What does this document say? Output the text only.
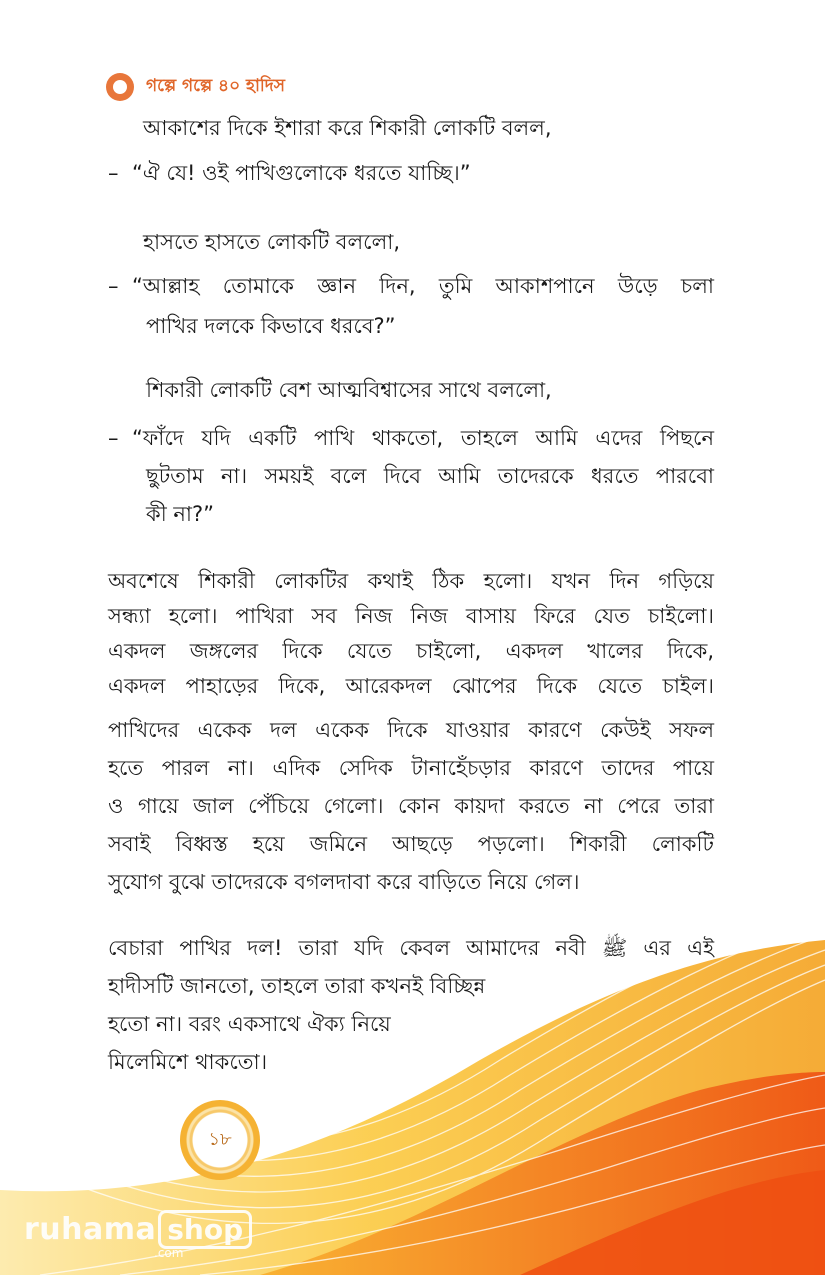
গল্পে গল্পে ৪০ হাদিস
আকাশের দিকে ইশারা করে শিকারী লোকটি বলল,
– “ঐ যে! ওই পাখিগুলোকে ধরতে যাচ্ছি।”
হাসতে হাসতে লোকটি বললো,
– “আল্লাহ তোমাকে জ্ঞান দিন, তুমি আকাশপানে উড়ে চলা
পাখির দলকে কিভাবে ধরবে?”
শিকারী লোকটি বেশ আত্মবিশ্বাসের সাথে বললো,
– “ফাঁদে যদি একটি পাখি থাকতো, তাহলে আমি এদের পিছনে
ছুটতাম না। সময়ই বলে দিবে আমি তাদেরকে ধরতে পারবো
কী না?”
অবশেষে শিকারী লোকটির কথাই ঠিক হলো। যখন দিন গড়িয়ে
সন্ধ্যা হলো। পাখিরা সব নিজ নিজ বাসায় ফিরে যেত চাইলো।
একদল জঙ্গলের দিকে যেতে চাইলো, একদল খালের দিকে,
একদল পাহাড়ের দিকে, আরেকদল ঝোপের দিকে যেতে চাইল।
পাখিদের একেক দল একেক দিকে যাওয়ার কারণে কেউই সফল
হতে পারল না। এদিক সেদিক টানাহেঁচড়ার কারণে তাদের পায়ে
ও গায়ে জাল পেঁচিয়ে গেলো। কোন কায়দা করতে না পেরে তারা
সবাই বিধ্বস্ত হয়ে জমিনে আছড়ে পড়লো। শিকারী লোকটি
সুযোগ বুঝে তাদেরকে বগলদাবা করে বাড়িতে নিয়ে গেল।
বেচারা পাখির দল! তারা যদি কেবল আমাদের নবী ﷺ এর এই
হাদীসটি জানতো, তাহলে তারা কখনই বিচ্ছিন্ন
হতো না। বরং একসাথে ঐক্য নিয়ে
মিলেমিশে থাকতো।
১৮
ruhama shop
.com
